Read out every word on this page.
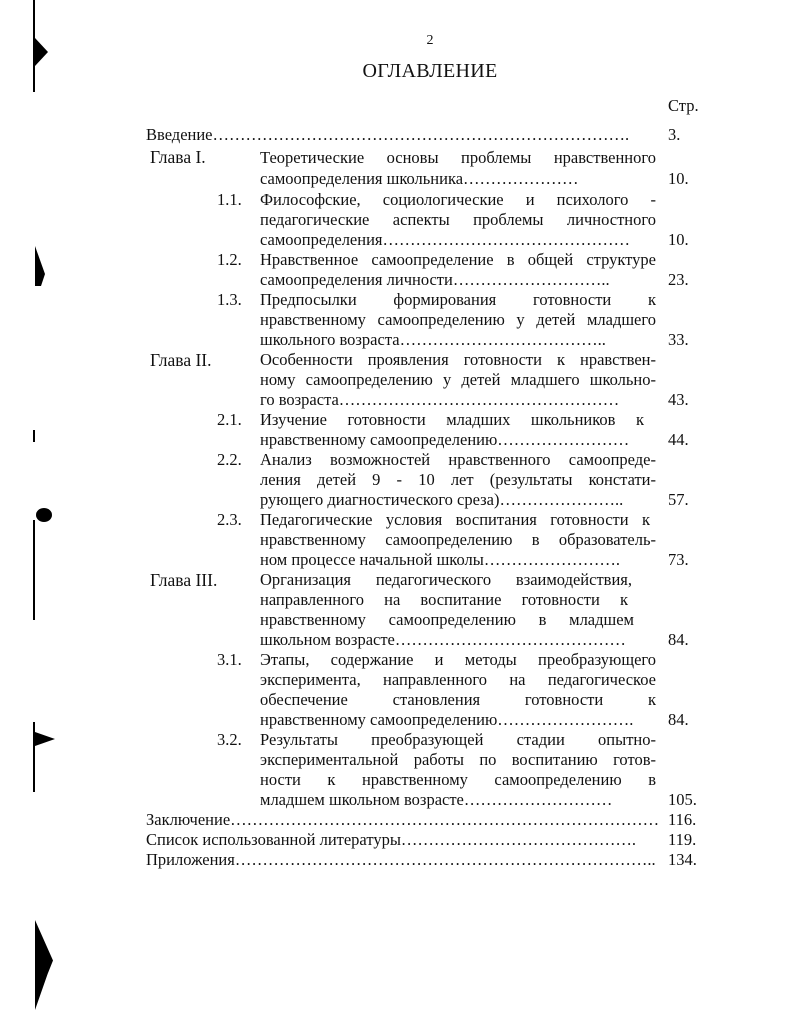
2
ОГЛАВЛЕНИЕ
Стр.
Введение…………………………………………………………………. 3.
Глава I.	Теоретические основы проблемы нравственного
самоопределения школьника…………………	10.
1.1. Философские, социологические и психолого -
педагогические аспекты проблемы личностного
самоопределения……………………………………… 10.
1.2. Нравственное самоопределение в общей структуре
самоопределения личности………………………..	23.
1.3. Предпосылки формирования готовности к
нравственному самоопределению у детей младшего
школьного возраста………………………………..	33.
Глава II.	Особенности проявления готовности к нравствен-
ному самоопределению у детей младшего школьно-
го возраста……………………………………………	43.
2.1. Изучение готовности младших школьников к
нравственному самоопределению…………………… 44.
2.2. Анализ возможностей нравственного самоопреде-
ления детей 9 - 10 лет (результаты констати-
рующего диагностического среза)…………………..	57.
2.3. Педагогические условия воспитания готовности к
нравственному самоопределению в образователь-
ном процессе начальной школы…………………….	73.
Глава III.	Организация педагогического взаимодействия,
направленного на воспитание готовности к
нравственному самоопределению в младшем
школьном возрасте……………………………………	84.
3.1. Этапы, содержание и методы преобразующего
эксперимента, направленного на педагогическое
обеспечение становления готовности к
нравственному самоопределению……………………. 84.
3.2. Результаты преобразующей стадии опытно-
экспериментальной работы по воспитанию готов-
ности к нравственному самоопределению в
младшем школьном возрасте………………………	105.
Заключение…………………………………………………………………… 116.
Список использованной литературы……………………………………. 119.
Приложения………………………………………………………………….. 134.
